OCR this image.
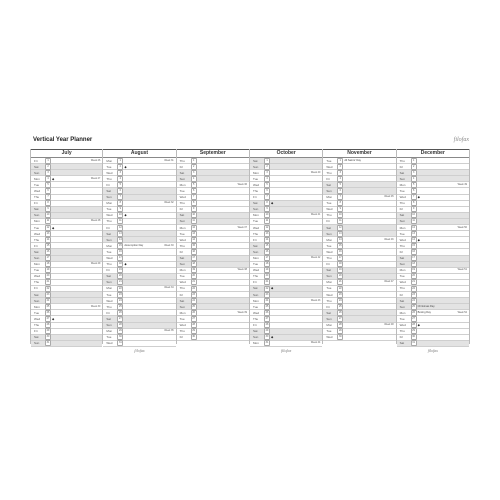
Vertical Year Planner	filofax
July
Fri	1	Week 26
Sat	2
Sun	3
Mon	4	◆	Week 27
Tue	5
Wed	6
Thu	7
Fri	8
Sat	9
Sun	10
Mon	11	Week 28
Tue	12 ◆
Wed	13
Thu	14
Fri	15
Sat	16
Sun	17
Mon	18	Week 29
Tue	19
Wed	20
Thu	21
Fri	22
Sat	23
Sun	24
Mon	25	Week 30
Tue	26
Wed	27 ◆
Thu	28
Fri	29
Sat	30
Sun	31
August
Mon	1	Week 31
Tue	2	◆
Wed	3
Thu	4
Fri	5
Sat	6
Sun	7
Mon	8	Week 32
Tue	9
Wed	10 ◆
Thu	11
Fri	12
Sat	13
Sun	14
Mon	15	Assumption Day	Week 33
Tue	16
Wed	17
Thu	18 ◆
Fri	19
Sat	20
Sun	21
Mon	22	Week 34
Tue	23
Wed	24
Thu	25
Fri	26
Sat	27
Sun	28
Mon	29	Week 35
Tue	30
Wed	31
filofax
September
Thu	1
Fri	2
Sat	3
Sun	4
Mon	5	Week 36
Tue	6
Wed	7
Thu	8
Fri	9
Sat	10
Sun	11
Mon	12	Week 37
Tue	13
Wed	14
Thu	15
Fri	16
Sat	17
Sun	18
Mon	19	Week 38
Tue	20
Wed	21
Thu	22
Fri	23
Sat	24
Sun	25
Mon	26	Week 39
Tue	27
Wed	28
Thu	29
Fri	30
October
Sat	1
Sun	2
Mon	3	Week 40
Tue	4
Wed	5
Thu	6
Fri	7
Sat	8	◆
Sun	9
Mon	10	Week 41
Tue	11
Wed	12
Thu	13
Fri	14
Sat	15
Sun	16
Mon	17	Week 42
Tue	18
Wed	19
Thu	20
Fri	21
Sat	22 ◆
Sun	23
Mon	24	Week 43
Tue	25
Wed	26
Thu	27
Fri	28
Sat	29
Sun	30 ◆
Mon	31	Week 44
filofax
November
Tue	1	All Saints' Day
Wed	2
Thu	3
Fri	4
Sat	5
Sun	6
Mon	7	Week 45
Tue	8
Wed	9
Thu	10
Fri	11
Sat	12
Sun	13
Mon	14	Week 46
Tue	15
Wed	16
Thu	17
Fri	18
Sat	19
Sun	20
Mon	21	Week 47
Tue	22
Wed	23
Thu	24
Fri	25
Sat	26
Sun	27
Mon	28	Week 48
Tue	29
Wed	30
December
Thu	1
Fri	2
Sat	3
Sun	4
Mon	5	Week 49
Tue	6
Wed	7	◆
Thu	8
Fri	9
Sat	10
Sun	11
Mon	12	Week 50
Tue	13
Wed	14 ◆
Thu	15
Fri	16
Sat	17
Sun	18
Mon	19	Week 51
Tue	20
Wed	21
Thu	22
Fri	23
Sat	24
Sun	25	Christmas Day
Mon	26	Boxing Day	Week 52
Tue	27
Wed	28 ◆
Thu	29
Fri	30
Sat	31
filofax
